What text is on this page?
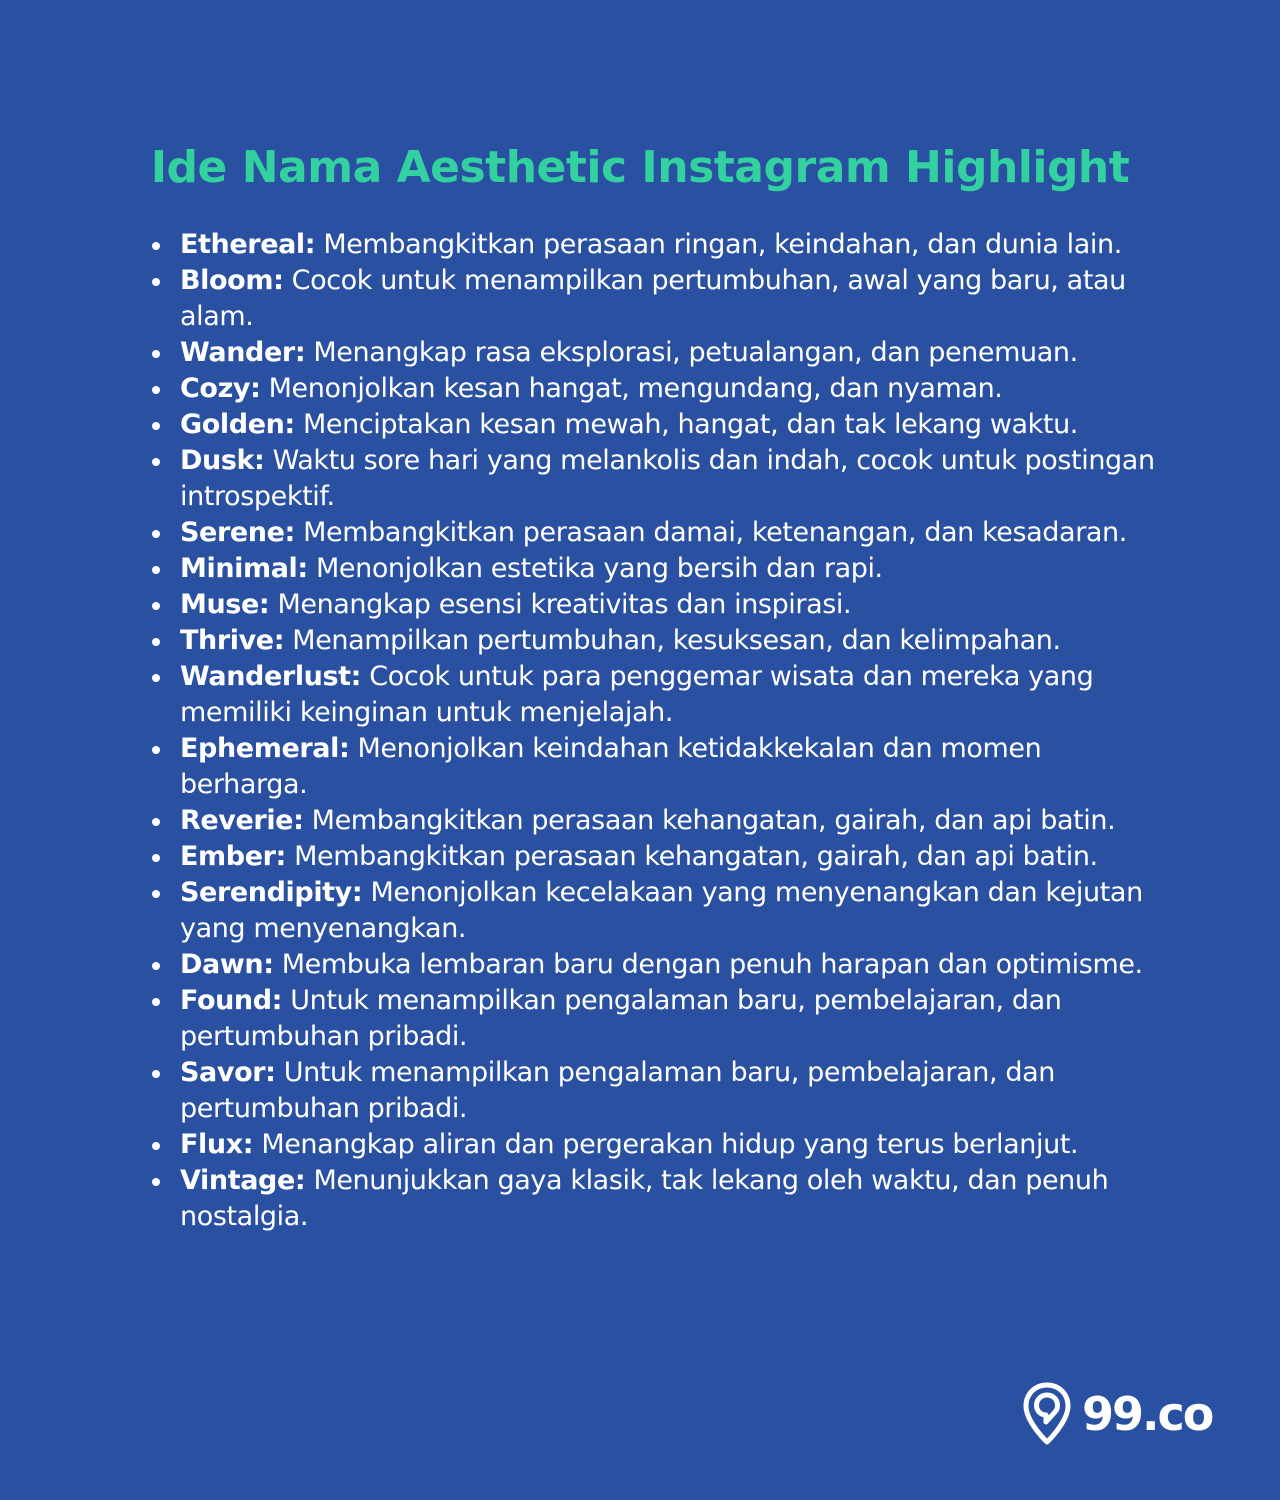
Ide Nama Aesthetic Instagram Highlight
Ethereal: Membangkitkan perasaan ringan, keindahan, dan dunia lain.
Bloom: Cocok untuk menampilkan pertumbuhan, awal yang baru, atau alam.
Wander: Menangkap rasa eksplorasi, petualangan, dan penemuan.
Cozy: Menonjolkan kesan hangat, mengundang, dan nyaman.
Golden: Menciptakan kesan mewah, hangat, dan tak lekang waktu.
Dusk: Waktu sore hari yang melankolis dan indah, cocok untuk postingan introspektif.
Serene: Membangkitkan perasaan damai, ketenangan, dan kesadaran.
Minimal: Menonjolkan estetika yang bersih dan rapi.
Muse: Menangkap esensi kreativitas dan inspirasi.
Thrive: Menampilkan pertumbuhan, kesuksesan, dan kelimpahan.
Wanderlust: Cocok untuk para penggemar wisata dan mereka yang memiliki keinginan untuk menjelajah.
Ephemeral: Menonjolkan keindahan ketidakkekalan dan momen berharga.
Reverie: Membangkitkan perasaan kehangatan, gairah, dan api batin.
Ember: Membangkitkan perasaan kehangatan, gairah, dan api batin.
Serendipity: Menonjolkan kecelakaan yang menyenangkan dan kejutan yang menyenangkan.
Dawn: Membuka lembaran baru dengan penuh harapan dan optimisme.
Found: Untuk menampilkan pengalaman baru, pembelajaran, dan pertumbuhan pribadi.
Savor: Untuk menampilkan pengalaman baru, pembelajaran, dan pertumbuhan pribadi.
Flux: Menangkap aliran dan pergerakan hidup yang terus berlanjut.
Vintage: Menunjukkan gaya klasik, tak lekang oleh waktu, dan penuh nostalgia.
99.co
